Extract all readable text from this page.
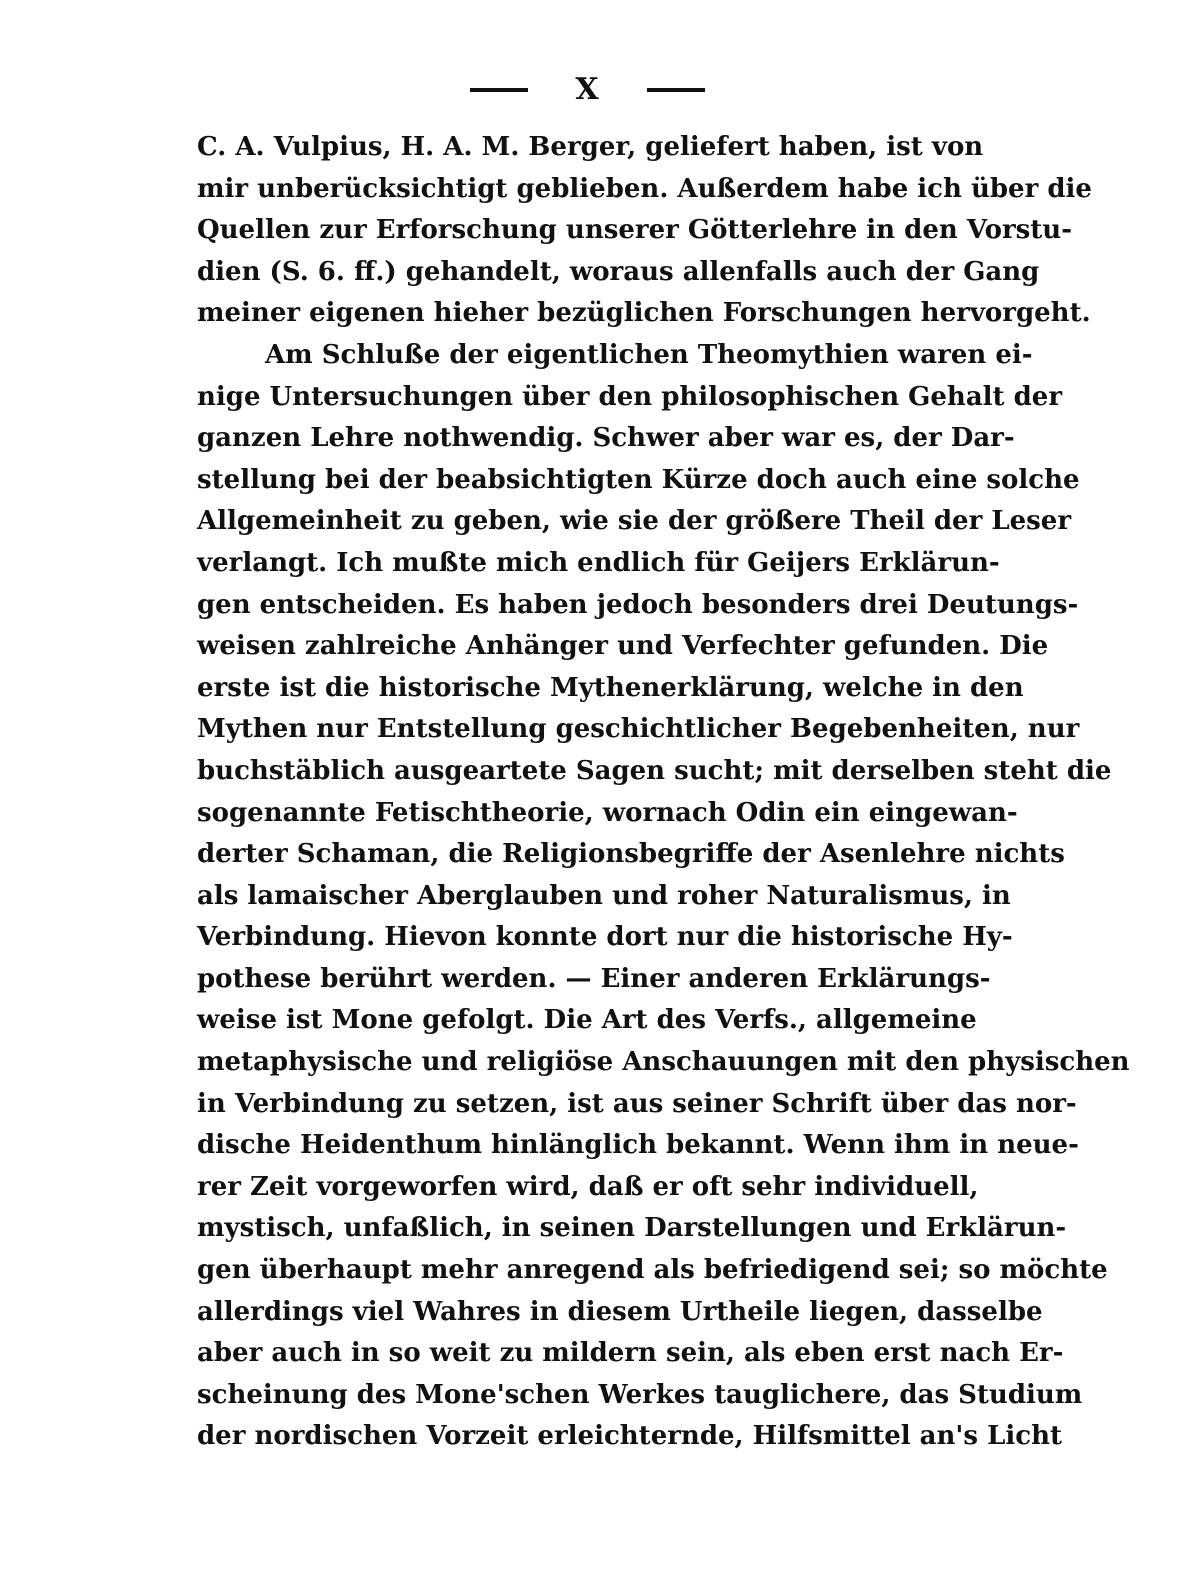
X
C. A. Vulpius, H. A. M. Berger, geliefert haben, ist von
mir unberücksichtigt geblieben. Außerdem habe ich über die
Quellen zur Erforschung unserer Götterlehre in den Vorstu-
dien (S. 6. ff.) gehandelt, woraus allenfalls auch der Gang
meiner eigenen hieher bezüglichen Forschungen hervorgeht.
Am Schluße der eigentlichen Theomythien waren ei-
nige Untersuchungen über den philosophischen Gehalt der
ganzen Lehre nothwendig. Schwer aber war es, der Dar-
stellung bei der beabsichtigten Kürze doch auch eine solche
Allgemeinheit zu geben, wie sie der größere Theil der Leser
verlangt. Ich mußte mich endlich für Geijers Erklärun-
gen entscheiden. Es haben jedoch besonders drei Deutungs-
weisen zahlreiche Anhänger und Verfechter gefunden. Die
erste ist die historische Mythenerklärung, welche in den
Mythen nur Entstellung geschichtlicher Begebenheiten, nur
buchstäblich ausgeartete Sagen sucht; mit derselben steht die
sogenannte Fetischtheorie, wornach Odin ein eingewan-
derter Schaman, die Religionsbegriffe der Asenlehre nichts
als lamaischer Aberglauben und roher Naturalismus, in
Verbindung. Hievon konnte dort nur die historische Hy-
pothese berührt werden. — Einer anderen Erklärungs-
weise ist Mone gefolgt. Die Art des Verfs., allgemeine
metaphysische und religiöse Anschauungen mit den physischen
in Verbindung zu setzen, ist aus seiner Schrift über das nor-
dische Heidenthum hinlänglich bekannt. Wenn ihm in neue-
rer Zeit vorgeworfen wird, daß er oft sehr individuell,
mystisch, unfaßlich, in seinen Darstellungen und Erklärun-
gen überhaupt mehr anregend als befriedigend sei; so möchte
allerdings viel Wahres in diesem Urtheile liegen, dasselbe
aber auch in so weit zu mildern sein, als eben erst nach Er-
scheinung des Mone'schen Werkes tauglichere, das Studium
der nordischen Vorzeit erleichternde, Hilfsmittel an's Licht
